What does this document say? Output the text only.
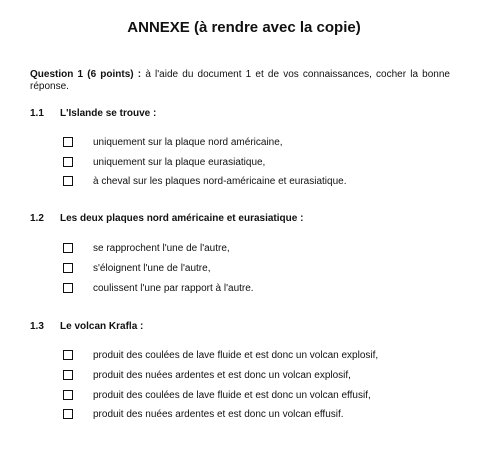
ANNEXE (à rendre avec la copie)
Question 1 (6 points) : à l'aide du document 1 et de vos connaissances, cocher la bonne réponse.
1.1 L'Islande se trouve :
uniquement sur la plaque nord américaine,
uniquement sur la plaque eurasiatique,
à cheval sur les plaques nord-américaine et eurasiatique.
1.2 Les deux plaques nord américaine et eurasiatique :
se rapprochent l'une de l'autre,
s'éloignent l'une de l'autre,
coulissent l'une par rapport à l'autre.
1.3 Le volcan Krafla :
produit des coulées de lave fluide et est donc un volcan explosif,
produit des nuées ardentes et est donc un volcan explosif,
produit des coulées de lave fluide et est donc un volcan effusif,
produit des nuées ardentes et est donc un volcan effusif.
